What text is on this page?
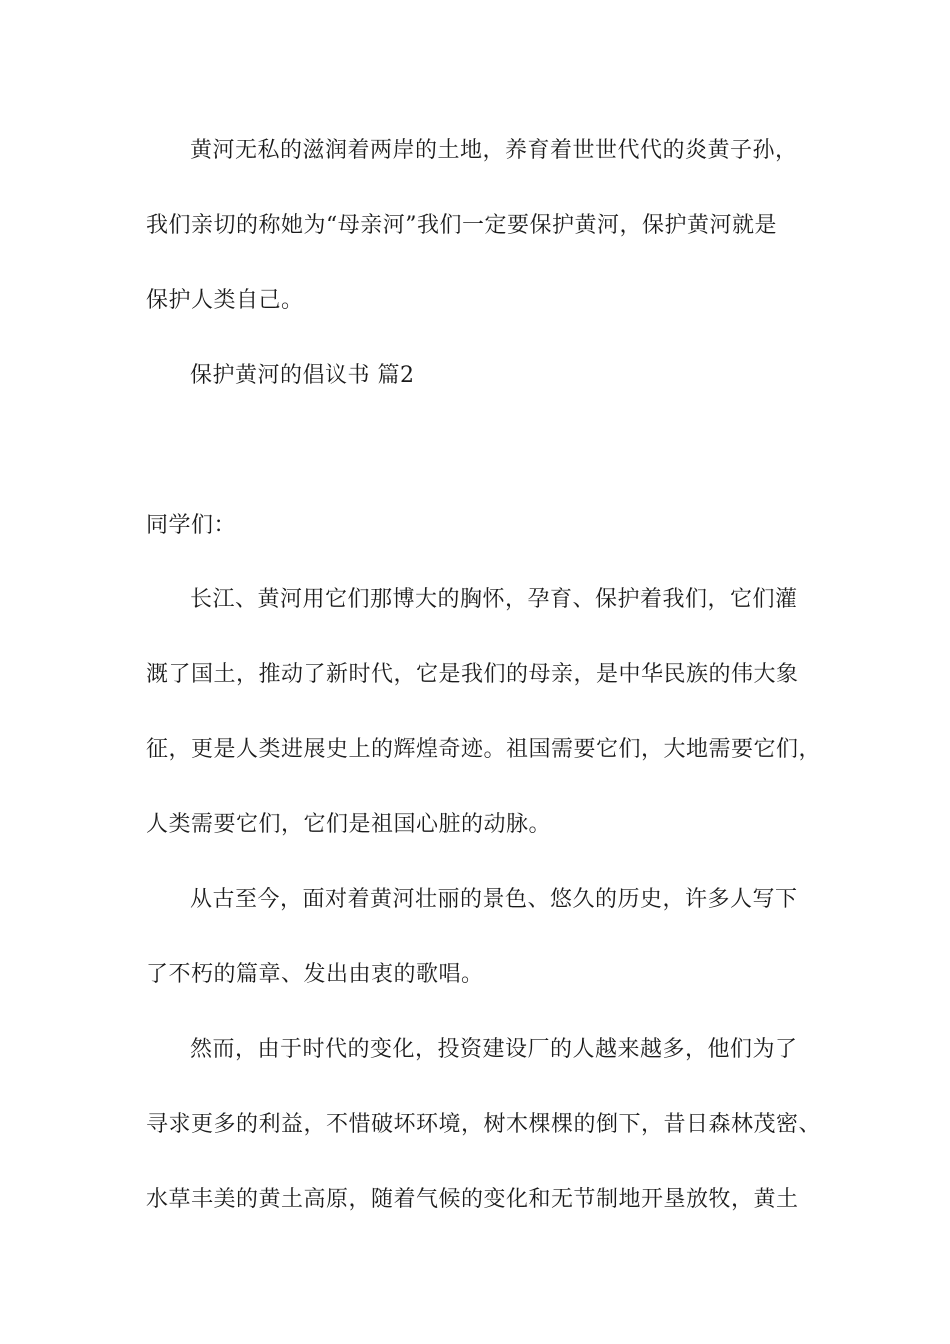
黄河无私的滋润着两岸的土地，养育着世世代代的炎黄子孙，
我们亲切的称她为“母亲河”我们一定要保护黄河，保护黄河就是
保护人类自己。
保护黄河的倡议书 篇2
同学们：
长江、黄河用它们那博大的胸怀，孕育、保护着我们，它们灌
溉了国土，推动了新时代，它是我们的母亲，是中华民族的伟大象
征，更是人类进展史上的辉煌奇迹。祖国需要它们，大地需要它们，
人类需要它们，它们是祖国心脏的动脉。
从古至今，面对着黄河壮丽的景色、悠久的历史，许多人写下
了不朽的篇章、发出由衷的歌唱。
然而，由于时代的变化，投资建设厂的人越来越多，他们为了
寻求更多的利益，不惜破坏环境，树木棵棵的倒下，昔日森林茂密、
水草丰美的黄土高原，随着气候的变化和无节制地开垦放牧，黄土
